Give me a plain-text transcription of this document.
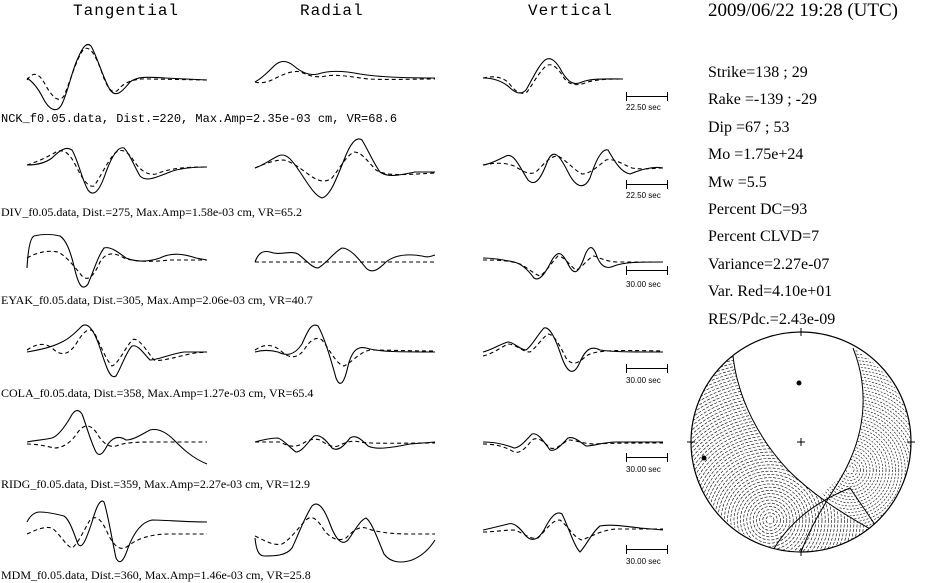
Tangential	Radial	Vertical	2009/06/22 19:28 (UTC)
Strike=138 ; 29
Rake =-139 ; -29
Dip =67 ; 53
Mo =1.75e+24
Mw =5.5
Percent DC=93
Percent CLVD=7
Variance=2.27e-07
Var. Red=4.10e+01
RES/Pdc.=2.43e-09
NCK_f0.05.data, Dist.=220, Max.Amp=2.35e-03 cm, VR=68.6
DIV_f0.05.data, Dist.=275, Max.Amp=1.58e-03 cm, VR=65.2
EYAK_f0.05.data, Dist.=305, Max.Amp=2.06e-03 cm, VR=40.7
COLA_f0.05.data, Dist.=358, Max.Amp=1.27e-03 cm, VR=65.4
RIDG_f0.05.data, Dist.=359, Max.Amp=2.27e-03 cm, VR=12.9
MDM_f0.05.data, Dist.=360, Max.Amp=1.46e-03 cm, VR=25.8
22.50 sec
22.50 sec
30.00 sec
30.00 sec
30.00 sec
30.00 sec
